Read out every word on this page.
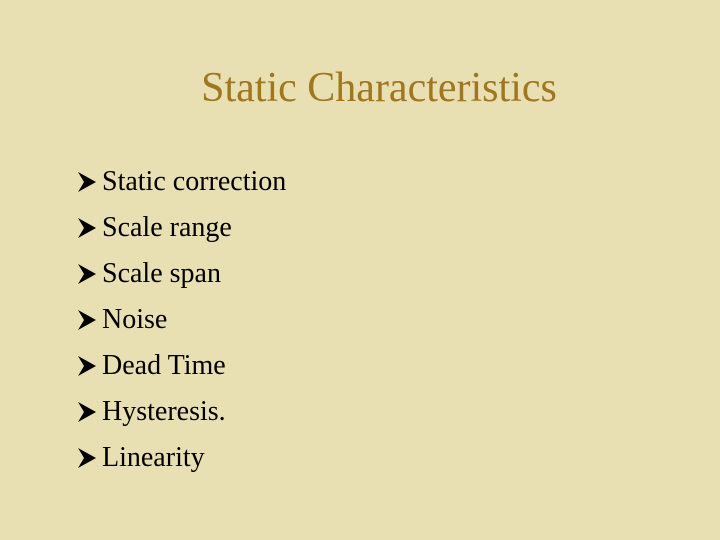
Static Characteristics
Static correction
Scale range
Scale span
Noise
Dead Time
Hysteresis.
Linearity
